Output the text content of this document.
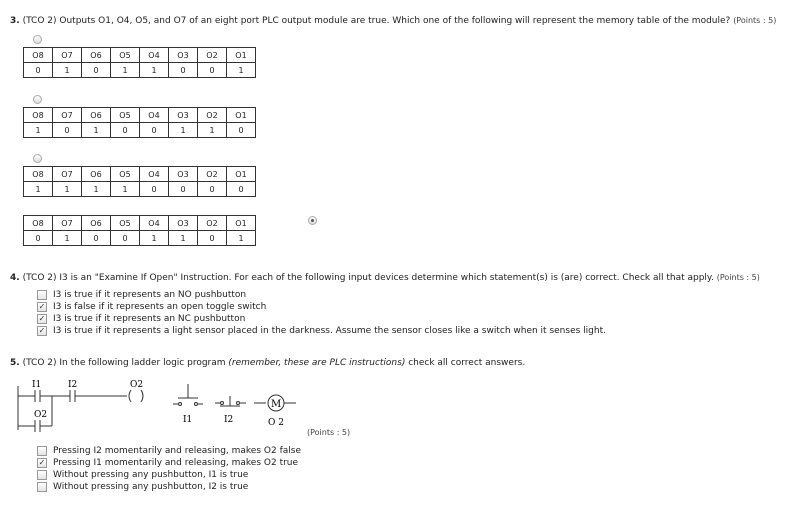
3. (TCO 2) Outputs O1, O4, O5, and O7 of an eight port PLC output module are true. Which one of the following will represent the memory table of the module? (Points : 5)
O8	O7	O6	O5	O4	O3	O2	O1
0	1	0	1	1	0	0	1
O8	O7	O6	O5	O4	O3	O2	O1
1	0	1	0	0	1	1	0
O8	O7	O6	O5	O4	O3	O2	O1
1	1	1	1	0	0	0	0
O8	O7	O6	O5	O4	O3	O2	O1
0	1	0	0	1	1	0	1
4. (TCO 2) I3 is an "Examine If Open" Instruction. For each of the following input devices determine which statement(s) is (are) correct. Check all that apply. (Points : 5)
I3 is true if it represents an NO pushbutton
✓ I3 is false if it represents an open toggle switch
✓ I3 is true if it represents an NC pushbutton
✓ I3 is true if it represents a light sensor placed in the darkness. Assume the sensor closes like a switch when it senses light.
5. (TCO 2) In the following ladder logic program (remember, these are PLC instructions) check all correct answers.
I1	I2	O2
O2	I1	I2
M
O 2
(Points : 5)
Pressing I2 momentarily and releasing, makes O2 false
✓ Pressing I1 momentarily and releasing, makes O2 true
Without pressing any pushbutton, I1 is true
Without pressing any pushbutton, I2 is true
